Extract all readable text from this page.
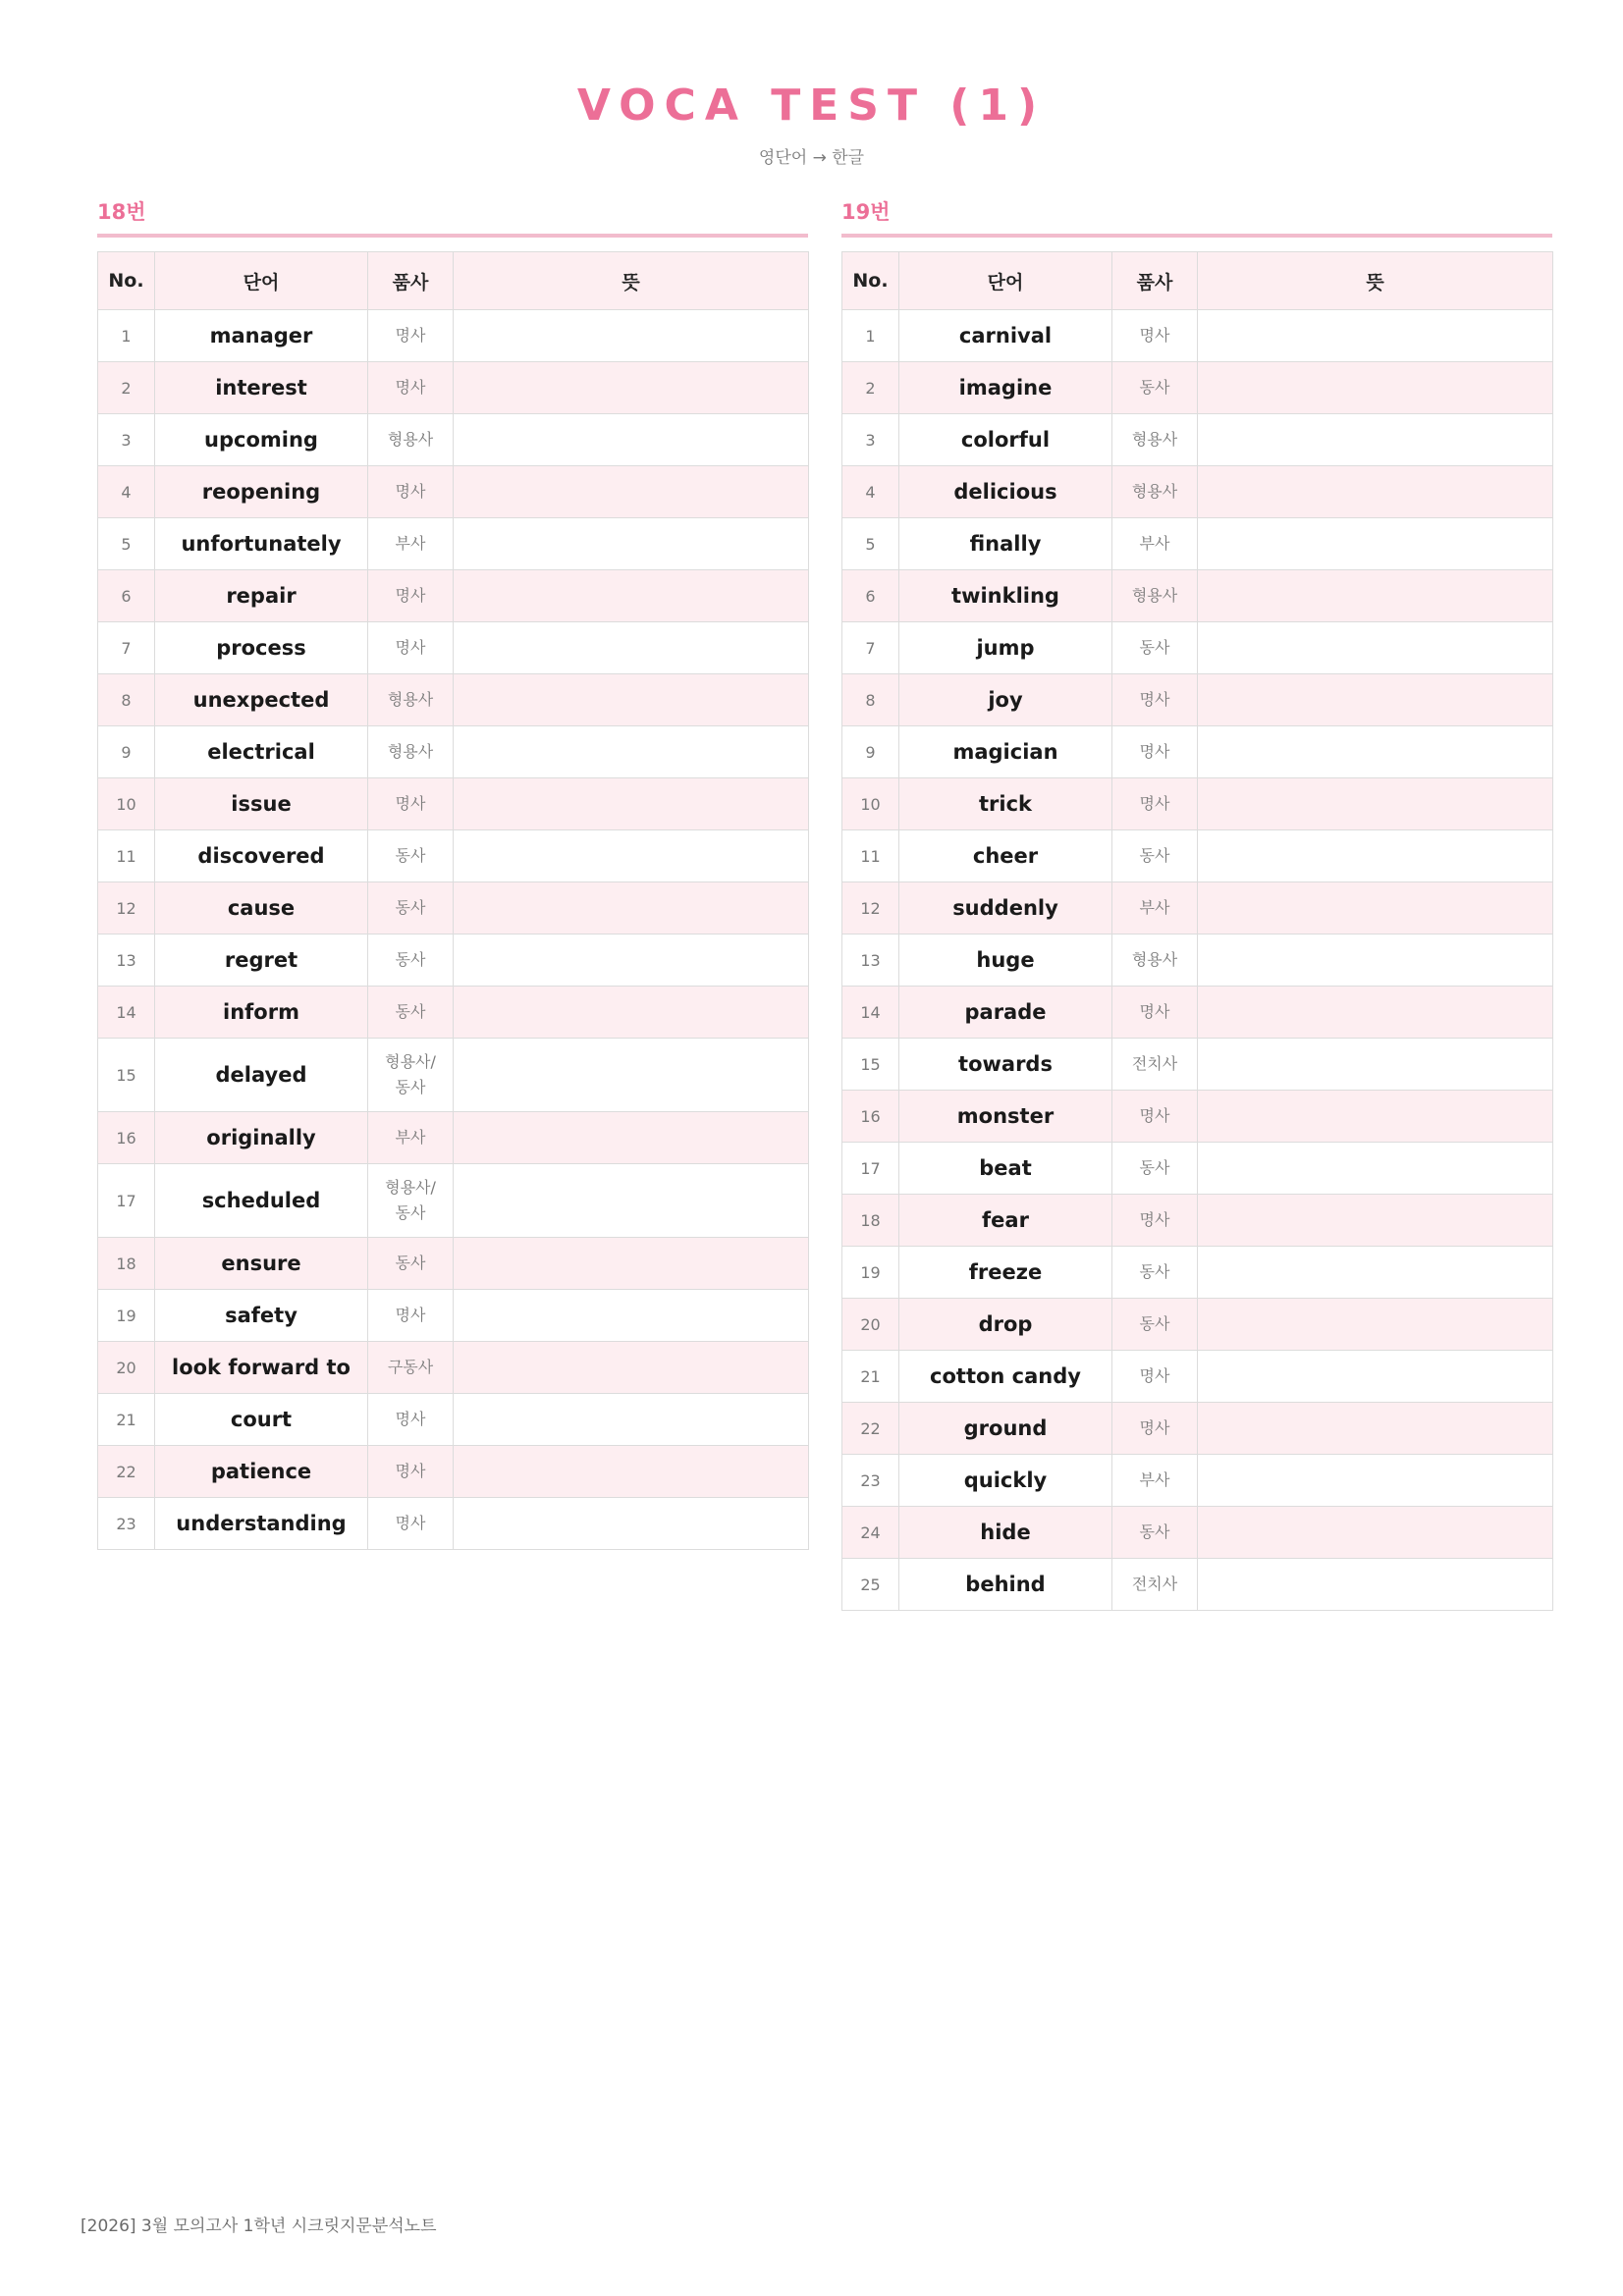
VOCA TEST (1)
영단어 → 한글
18번
No.	단어	품사	뜻
1	manager	명사	
2	interest	명사	
3	upcoming	형용사	
4	reopening	명사	
5	unfortunately	부사	
6	repair	명사	
7	process	명사	
8	unexpected	형용사	
9	electrical	형용사	
10	issue	명사	
11	discovered	동사	
12	cause	동사	
13	regret	동사	
14	inform	동사	
15	delayed	형용사/
동사	
16	originally	부사	
17	scheduled	형용사/
동사	
18	ensure	동사	
19	safety	명사	
20	look forward to	구동사	
21	court	명사	
22	patience	명사	
23	understanding	명사	
19번
No.	단어	품사	뜻
1	carnival	명사	
2	imagine	동사	
3	colorful	형용사	
4	delicious	형용사	
5	finally	부사	
6	twinkling	형용사	
7	jump	동사	
8	joy	명사	
9	magician	명사	
10	trick	명사	
11	cheer	동사	
12	suddenly	부사	
13	huge	형용사	
14	parade	명사	
15	towards	전치사	
16	monster	명사	
17	beat	동사	
18	fear	명사	
19	freeze	동사	
20	drop	동사	
21	cotton candy	명사	
22	ground	명사	
23	quickly	부사	
24	hide	동사	
25	behind	전치사	
[2026] 3월 모의고사 1학년 시크릿지문분석노트
